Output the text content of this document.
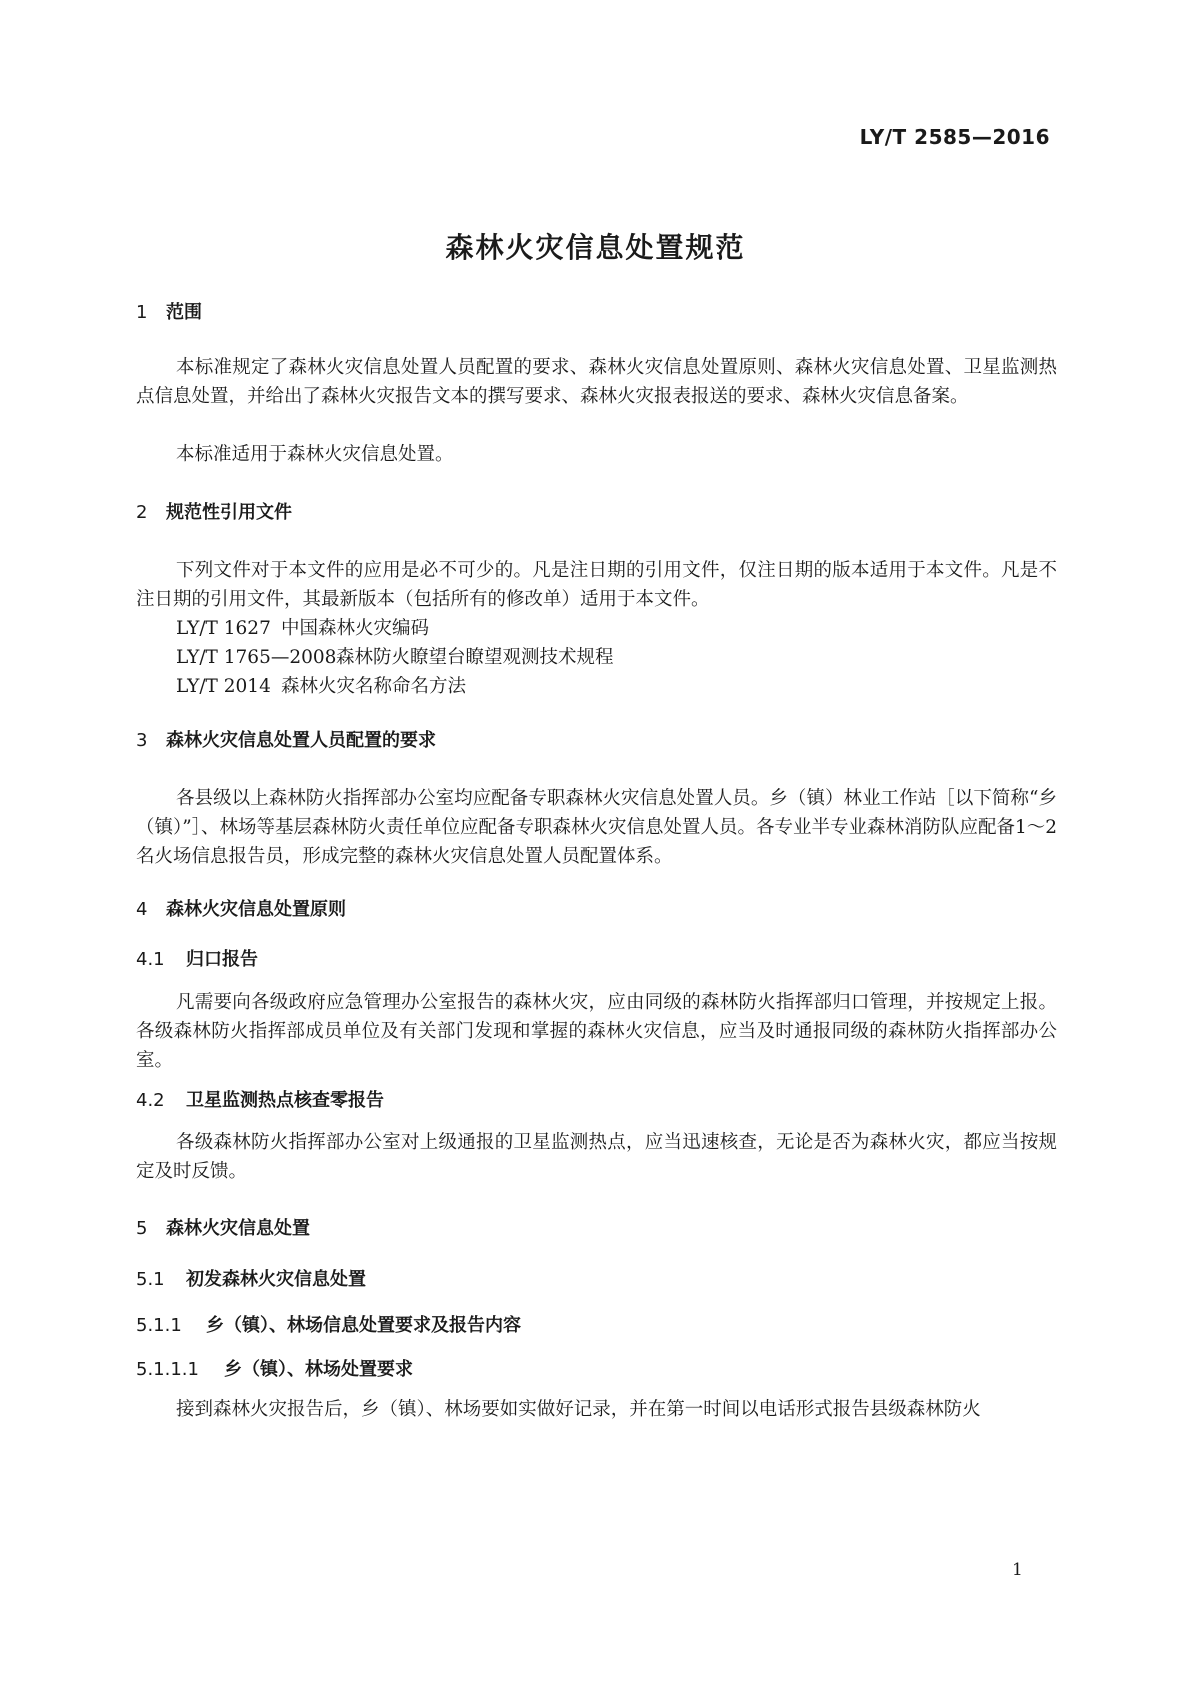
LY/T 2585—2016
森林火灾信息处置规范
1 范围
本标准规定了森林火灾信息处置人员配置的要求、森林火灾信息处置原则、森林火灾信息处置、卫星监测热点信息处置，并给出了森林火灾报告文本的撰写要求、森林火灾报表报送的要求、森林火灾信息备案。
本标准适用于森林火灾信息处置。
2 规范性引用文件
下列文件对于本文件的应用是必不可少的。凡是注日期的引用文件，仅注日期的版本适用于本文件。凡是不注日期的引用文件，其最新版本（包括所有的修改单）适用于本文件。
LY/T 1627 中国森林火灾编码
LY/T 1765—2008森林防火瞭望台瞭望观测技术规程
LY/T 2014 森林火灾名称命名方法
3 森林火灾信息处置人员配置的要求
各县级以上森林防火指挥部办公室均应配备专职森林火灾信息处置人员。乡（镇）林业工作站［以下简称“乡（镇）”］、林场等基层森林防火责任单位应配备专职森林火灾信息处置人员。各专业半专业森林消防队应配备1～2名火场信息报告员，形成完整的森林火灾信息处置人员配置体系。
4 森林火灾信息处置原则
4.1 归口报告
凡需要向各级政府应急管理办公室报告的森林火灾，应由同级的森林防火指挥部归口管理，并按规定上报。各级森林防火指挥部成员单位及有关部门发现和掌握的森林火灾信息，应当及时通报同级的森林防火指挥部办公室。
4.2 卫星监测热点核查零报告
各级森林防火指挥部办公室对上级通报的卫星监测热点，应当迅速核查，无论是否为森林火灾，都应当按规定及时反馈。
5 森林火灾信息处置
5.1 初发森林火灾信息处置
5.1.1 乡（镇）、林场信息处置要求及报告内容
5.1.1.1 乡（镇）、林场处置要求
接到森林火灾报告后，乡（镇）、林场要如实做好记录，并在第一时间以电话形式报告县级森林防火
1
